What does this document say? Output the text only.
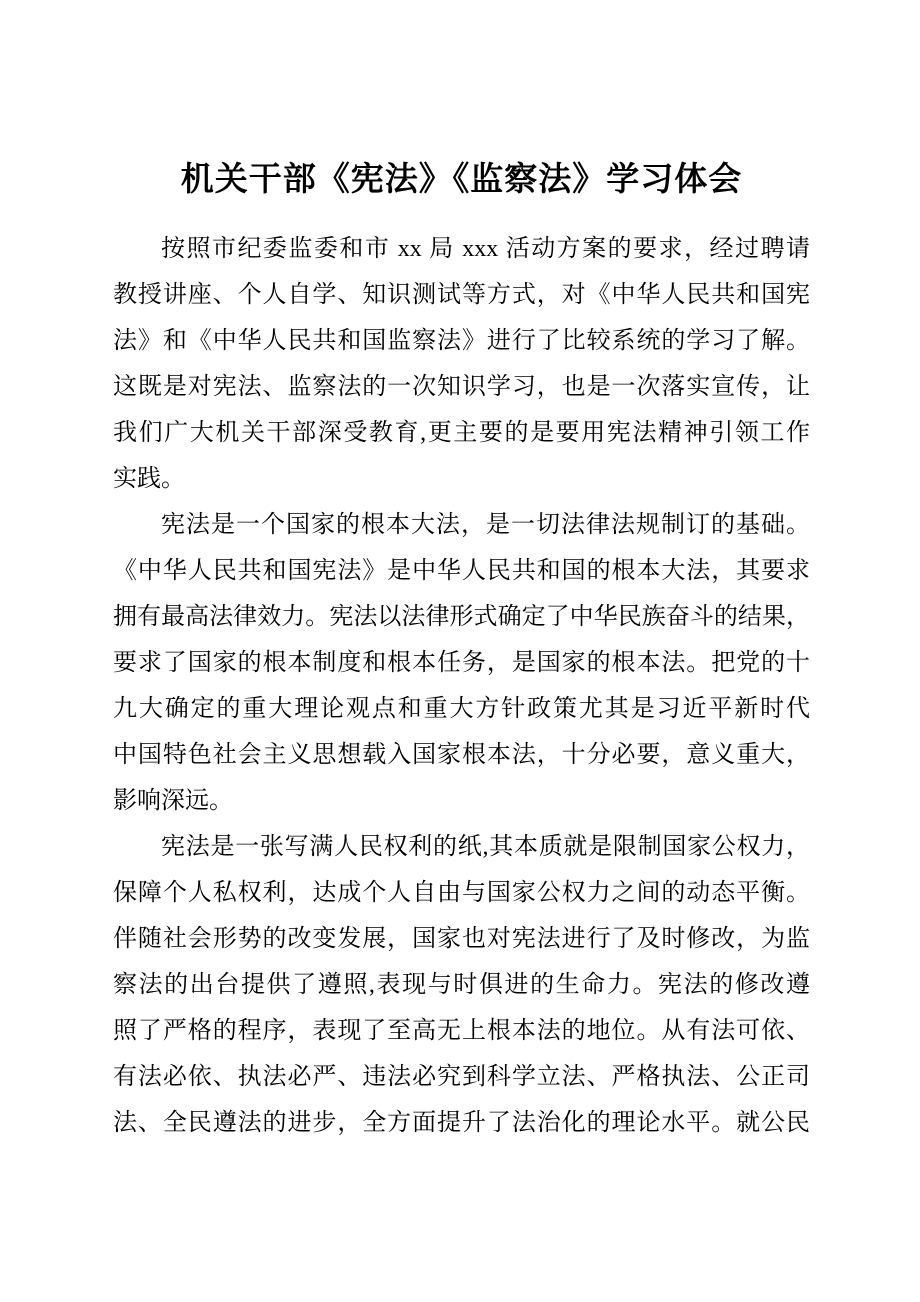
机关干部《宪法》《监察法》学习体会
按照市纪委监委和市 xx 局 xxx 活动方案的要求，经过聘请
教授讲座、个人自学、知识测试等方式，对《中华人民共和国宪
法》和《中华人民共和国监察法》进行了比较系统的学习了解。
这既是对宪法、监察法的一次知识学习，也是一次落实宣传，让
我们广大机关干部深受教育,更主要的是要用宪法精神引领工作
实践。
宪法是一个国家的根本大法，是一切法律法规制订的基础。
《中华人民共和国宪法》是中华人民共和国的根本大法，其要求
拥有最高法律效力。宪法以法律形式确定了中华民族奋斗的结果，
要求了国家的根本制度和根本任务，是国家的根本法。把党的十
九大确定的重大理论观点和重大方针政策尤其是习近平新时代
中国特色社会主义思想载入国家根本法，十分必要，意义重大，
影响深远。
宪法是一张写满人民权利的纸,其本质就是限制国家公权力，
保障个人私权利，达成个人自由与国家公权力之间的动态平衡。
伴随社会形势的改变发展，国家也对宪法进行了及时修改，为监
察法的出台提供了遵照,表现与时俱进的生命力。宪法的修改遵
照了严格的程序，表现了至高无上根本法的地位。从有法可依、
有法必依、执法必严、违法必究到科学立法、严格执法、公正司
法、全民遵法的进步，全方面提升了法治化的理论水平。就公民
